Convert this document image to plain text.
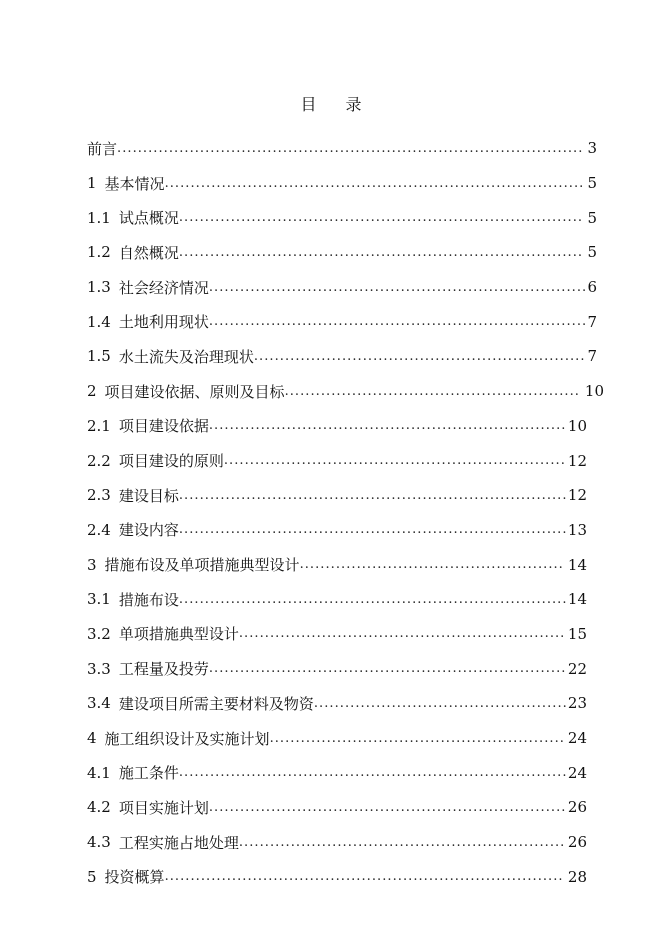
目 录
前言 .......................................................................................... 3
1 基本情况 ................................................................................. 5
1.1 试点概况 .............................................................................. 5
1.2 自然概况 .............................................................................. 5
1.3 社会经济情况 ......................................................................... 6
1.4 土地利用现状 ......................................................................... 7
1.5 水土流失及治理现状 ................................................................ 7
2 项目建设依据、原则及目标 ......................................................... 10
2.1 项目建设依据 ..................................................................... 10
2.2 项目建设的原则 .................................................................. 12
2.3 建设目标 ........................................................................... 12
2.4 建设内容 ........................................................................... 13
3 措施布设及单项措施典型设计 ................................................... 14
3.1 措施布设 ........................................................................... 14
3.2 单项措施典型设计 ............................................................... 15
3.3 工程量及投劳 ..................................................................... 22
3.4 建设项目所需主要材料及物资 ................................................. 23
4 施工组织设计及实施计划 ......................................................... 24
4.1 施工条件 ........................................................................... 24
4.2 项目实施计划 ..................................................................... 26
4.3 工程实施占地处理 ............................................................... 26
5 投资概算 ............................................................................. 28
